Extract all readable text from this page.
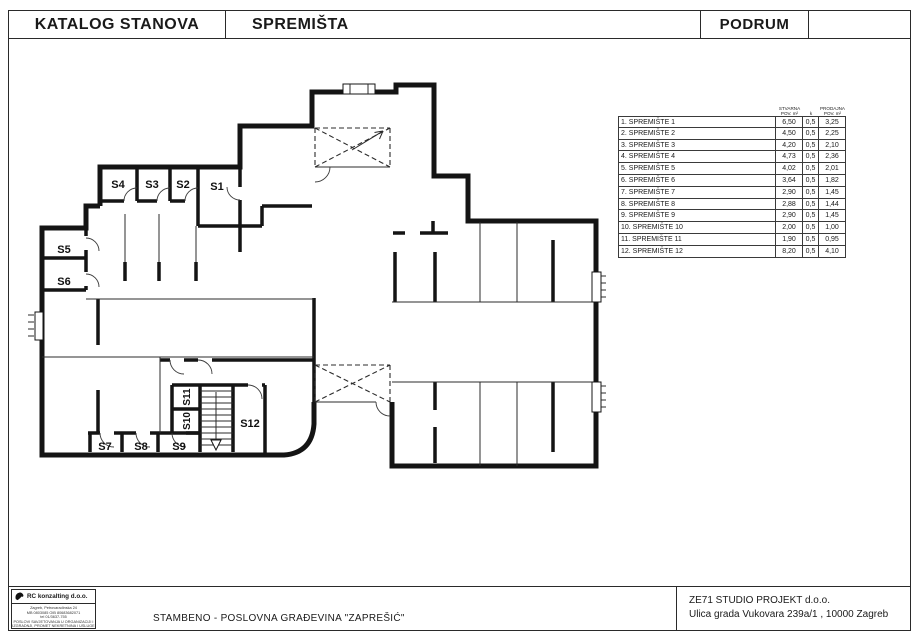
S1
S2
S3
S4
S5
S6
S7 S8 S9
S10
S11
S12
KATALOG STANOVA	SPREMIŠTA	PODRUM
STVARNA
POV. m²	k
PRODAJNA
POV. m²
1. SPREMIŠTE 1	6,50	0,5	3,25
2. SPREMIŠTE 2	4,50	0,5	2,25
3. SPREMIŠTE 3	4,20	0,5	2,10
4. SPREMIŠTE 4	4,73	0,5	2,36
5. SPREMIŠTE 5	4,02	0,5	2,01
6. SPREMIŠTE 6	3,64	0,5	1,82
7. SPREMIŠTE 7	2,90	0,5	1,45
8. SPREMIŠTE 8	2,88	0,5	1,44
9. SPREMIŠTE 9	2,90	0,5	1,45
10. SPREMIŠTE 10	2,00	0,5	1,00
11. SPREMIŠTE 11	1,90	0,5	0,95
12. SPREMIŠTE 12	8,20	0,5	4,10
RC konzalting d.o.o.
Zagreb, Petrovaradinska 24
MB 0803085 OIB 80683682071
tel 01/3637-755
POSLOVI SAVJETOVANJA U ORGANIZACIJI I
IZGRADNJI, PROMET NEKRETNINA I USLUGE
STAMBENO - POSLOVNA GRAĐEVINA "ZAPREŠIĆ"
ZE71 STUDIO PROJEKT d.o.o.
Ulica grada Vukovara 239a/1 , 10000 Zagreb
